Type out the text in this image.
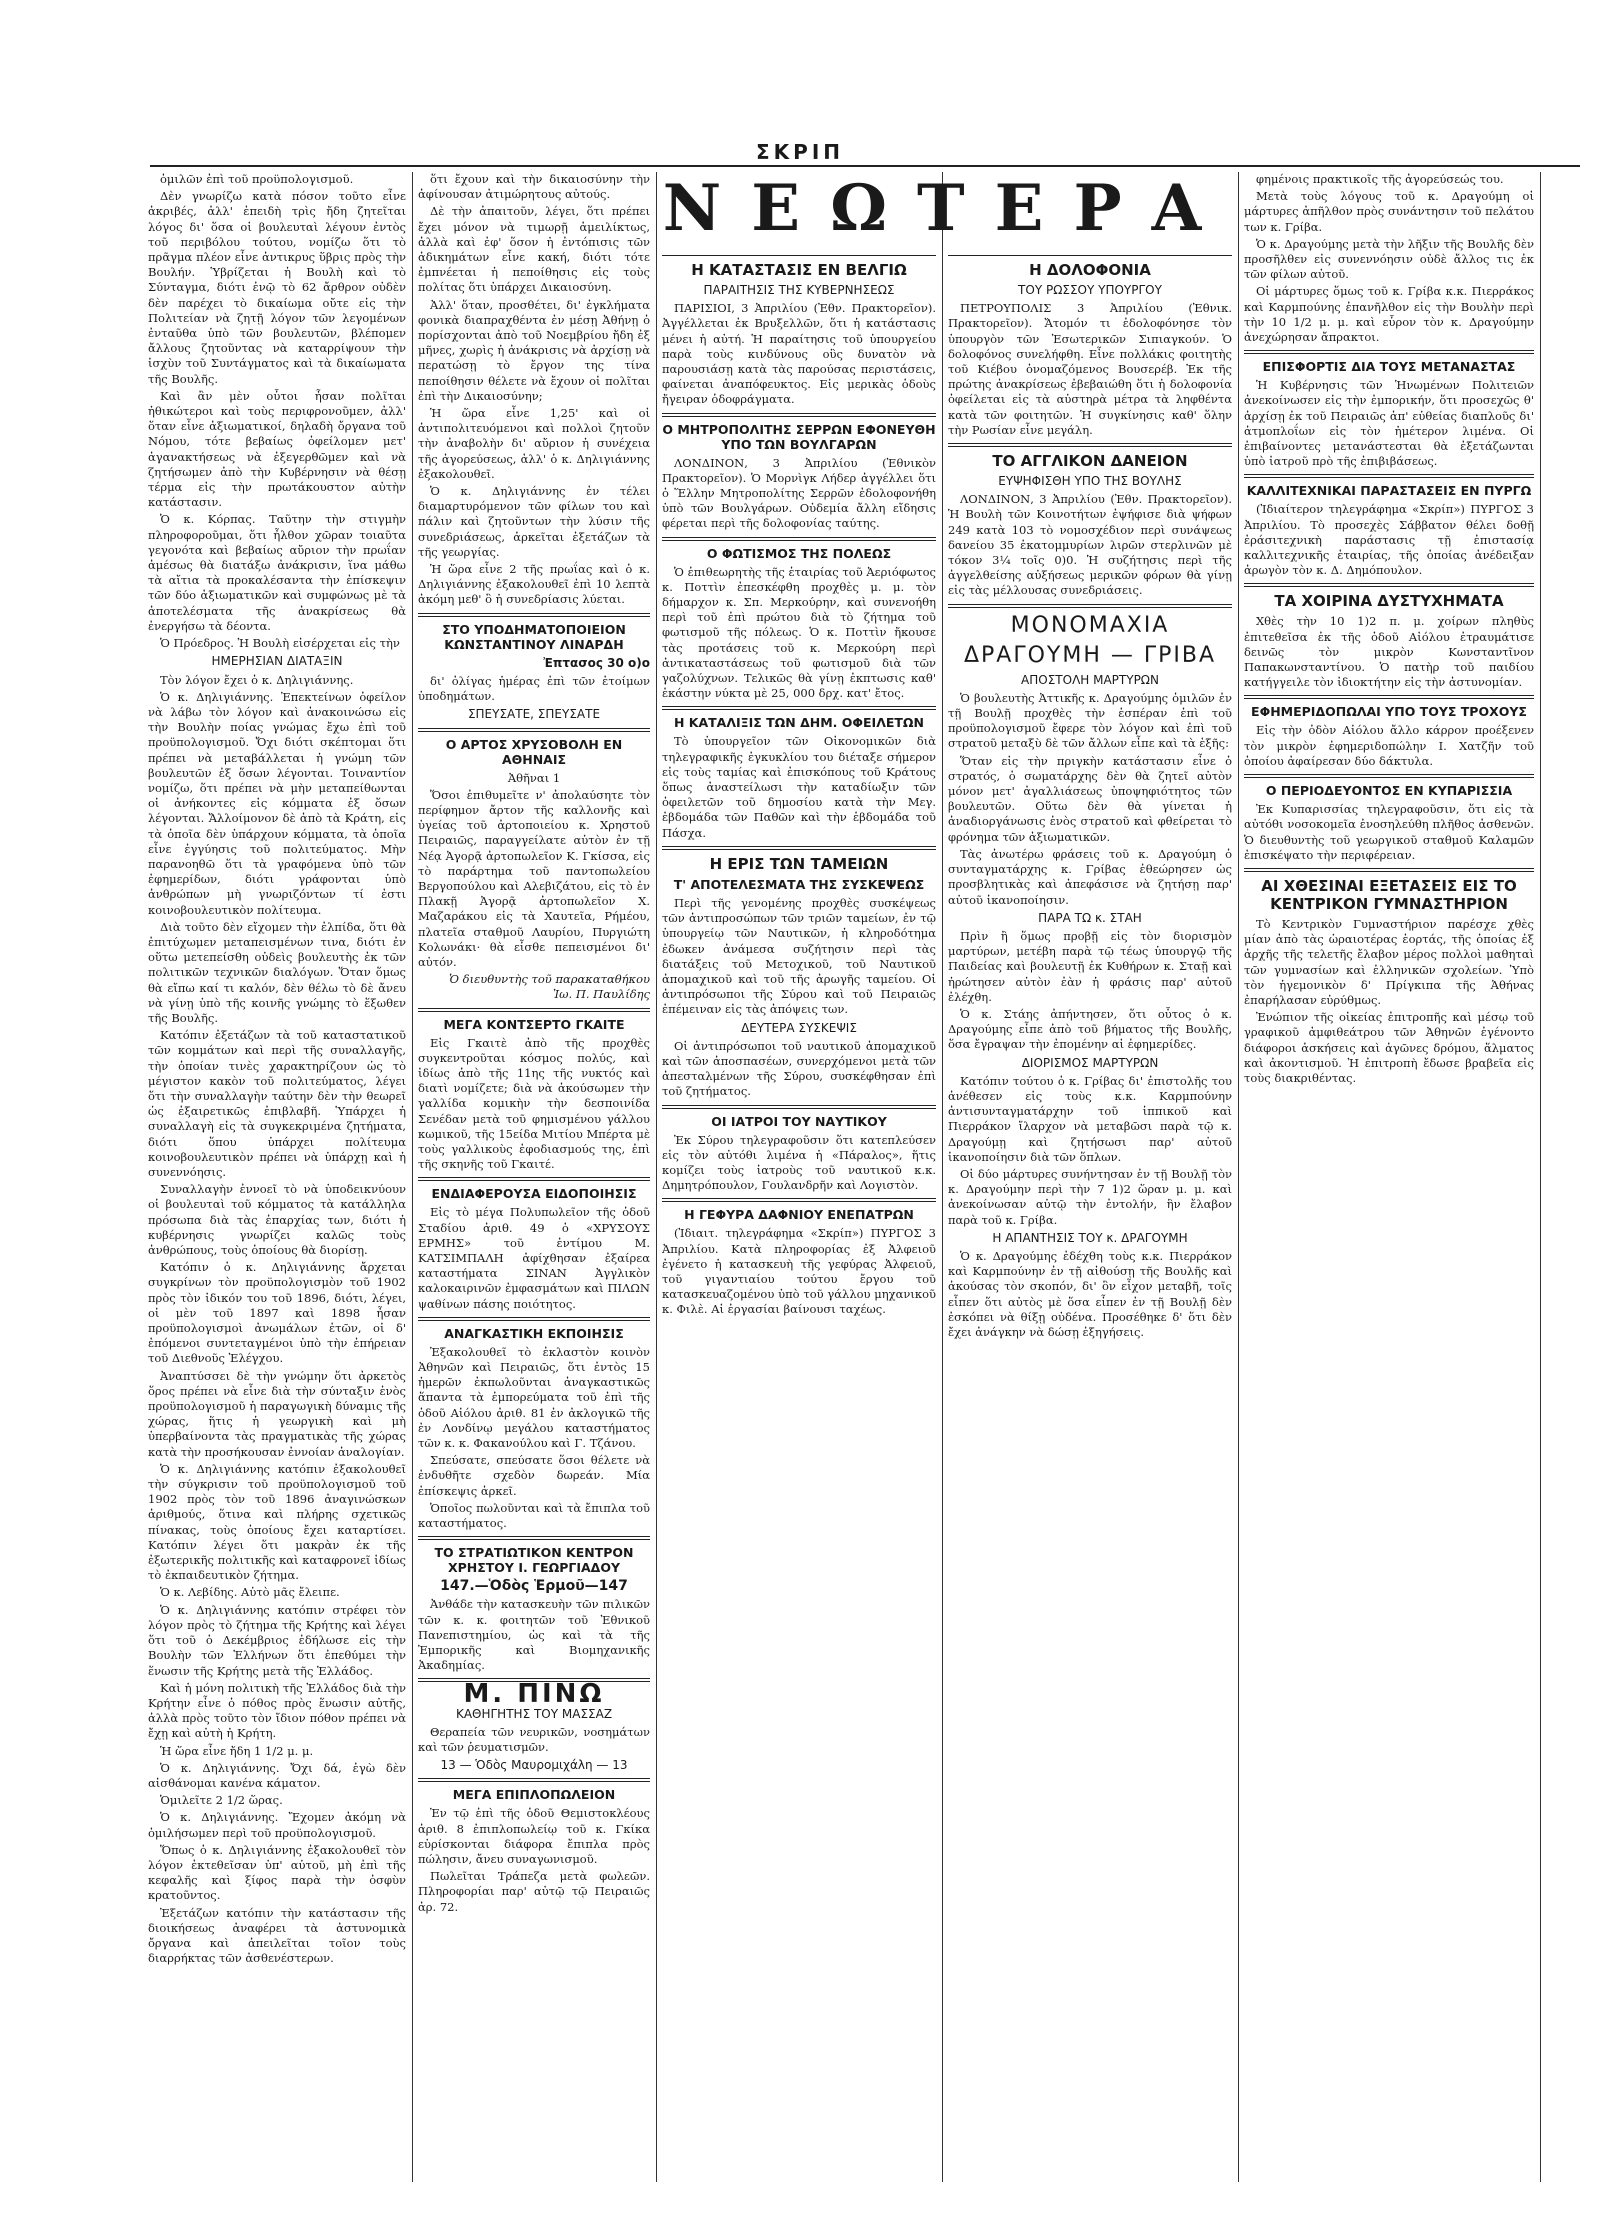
ΣΚΡΙΠ

ὁμιλῶν ἐπὶ τοῦ προϋπολογισμοῦ.

Δὲν γνωρίζω κατὰ πόσον τοῦτο εἶνε ἀκριβές, ἀλλ' ἐπειδὴ τρὶς ἤδη ζητεῖται λόγος δι' ὅσα οἱ βουλευταὶ λέγουν ἐντὸς τοῦ περιβόλου τούτου, νομίζω ὅτι τὸ πρᾶγμα πλέον εἶνε ἀντικρυς ὕβρις πρὸς τὴν Βουλήν. Ὑβρίζεται ἡ Βουλὴ καὶ τὸ Σύνταγμα, διότι ἐνῷ τὸ 62 ἄρθρον οὐδὲν δὲν παρέχει τὸ δικαίωμα οὔτε εἰς τὴν Πολιτείαν νὰ ζητῇ λόγον τῶν λεγομένων ἐνταῦθα ὑπὸ τῶν βουλευτῶν, βλέπομεν ἄλλους ζητοῦντας νὰ καταρρίψουν τὴν ἰσχὺν τοῦ Συντάγματος καὶ τὰ δικαίωματα τῆς Βουλῆς.

Καὶ ἂν μὲν οὗτοι ἦσαν πολῖται ἠθικώτεροι καὶ τοὺς περιφρονοῦμεν, ἀλλ' ὅταν εἶνε ἀξιωματικοί, δηλαδὴ ὄργανα τοῦ Νόμου, τότε βεβαίως ὀφείλομεν μετ' ἀγανακτήσεως νὰ ἐξεγερθῶμεν καὶ νὰ ζητήσωμεν ἀπὸ τὴν Κυβέρνησιν νὰ θέσῃ τέρμα εἰς τὴν πρωτάκουστον αὐτὴν κατάστασιν.

Ὁ κ. Κόρπας. Ταῦτην τὴν στιγμὴν πληροφοροῦμαι, ὅτι ἦλθον χῶραν τοιαῦτα γεγονότα καὶ βεβαίως αὔριον τὴν πρωΐαν ἀμέσως θὰ διατάξω ἀνάκρισιν, ἵνα μάθω τὰ αἴτια τὰ προκαλέσαντα τὴν ἐπίσκεψιν τῶν δύο ἀξιωματικῶν καὶ συμφώνως μὲ τὰ ἀποτελέσματα τῆς ἀνακρίσεως θὰ ἐνεργήσω τὰ δέοντα.

Ὁ Πρόεδρος. Ἡ Βουλὴ εἰσέρχεται εἰς τὴν

ΗΜΕΡΗΣΙΑΝ ΔΙΑΤΑΞΙΝ

Τὸν λόγον ἔχει ὁ κ. Δηλιγιάννης.

Ὁ κ. Δηλιγιάννης. Ἐπεκτείνων ὀφείλον νὰ λάβω τὸν λόγον καὶ ἀνακοινώσω εἰς τὴν Βουλὴν ποίας γνώμας ἔχω ἐπὶ τοῦ προϋπολογισμοῦ. Ὄχι διότι σκέπτομαι ὅτι πρέπει νὰ μεταβάλλεται ἡ γνώμη τῶν βουλευτῶν ἐξ ὅσων λέγονται. Τοιναντίον νομίζω, ὅτι πρέπει νὰ μὴν μεταπείθωνται οἱ ἀνήκοντες εἰς κόμματα ἐξ ὅσων λέγονται. Ἄλλοίμονον δὲ ἀπὸ τὰ Κράτη, εἰς τὰ ὁποῖα δὲν ὑπάρχουν κόμματα, τὰ ὁποῖα εἶνε ἐγγύησις τοῦ πολιτεύματος. Μὴν παρανοηθῶ ὅτι τὰ γραφόμενα ὑπὸ τῶν ἐφημερίδων, διότι γράφονται ὑπὸ ἀνθρώπων μὴ γνωριζόντων τί ἐστι κοινοβουλευτικὸν πολίτευμα.

Διὰ τοῦτο δὲν εἴχομεν τὴν ἐλπίδα, ὅτι θὰ ἐπιτύχωμεν μεταπεισμένων τινα, διότι ἐν οὕτω μετεπείσθη οὐδεὶς βουλευτὴς ἐκ τῶν πολιτικῶν τεχνικῶν διαλόγων. Ὅταν ὅμως θὰ εἴπω καί τι καλόν, δὲν θέλω τὸ δὲ ἄνευ νὰ γίνῃ ὑπὸ τῆς κοινῆς γνώμης τὸ ἕξωθεν τῆς Βουλῆς.

Κατόπιν ἐξετάζων τὰ τοῦ καταστατικοῦ τῶν κομμάτων καὶ περὶ τῆς συναλλαγῆς, τὴν ὁποίαν τινὲς χαρακτηρίζουν ὡς τὸ μέγιστον κακὸν τοῦ πολιτεύματος, λέγει ὅτι τὴν συναλλαγὴν ταύτην δὲν τὴν θεωρεῖ ὡς ἐξαιρετικῶς ἐπιβλαβῆ. Ὑπάρχει ἡ συναλλαγὴ εἰς τὰ συγκεκριμένα ζητήματα, διότι ὅπου ὑπάρχει πολίτευμα κοινοβουλευτικὸν πρέπει νὰ ὑπάρχῃ καὶ ἡ συνεννόησις.

Συναλλαγὴν ἐννοεῖ τὸ νὰ ὑποδεικνύουν οἱ βουλευταὶ τοῦ κόμματος τὰ κατάλληλα πρόσωπα διὰ τὰς ἐπαρχίας των, διότι ἡ κυβέρνησις γνωρίζει καλῶς τοὺς ἀνθρώπους, τοὺς ὁποίους θὰ διορίσῃ.

Κατόπιν ὁ κ. Δηλιγιάννης ἄρχεται συγκρίνων τὸν προϋπολογισμὸν τοῦ 1902 πρὸς τὸν ἰδικόν του τοῦ 1896, διότι, λέγει, οἱ μὲν τοῦ 1897 καὶ 1898 ἦσαν προϋπολογισμοὶ ἀνωμάλων ἐτῶν, οἱ δ' ἐπόμενοι συντεταγμένοι ὑπὸ τὴν ἐπήρειαν τοῦ Διεθνοῦς Ἐλέγχου.

Ἀναπτύσσει δὲ τὴν γνώμην ὅτι ἀρκετὸς ὅρος πρέπει νὰ εἶνε διὰ τὴν σύνταξιν ἑνὸς προϋπολογισμοῦ ἡ παραγωγικὴ δύναμις τῆς χώρας, ἥτις ἡ γεωργικὴ καὶ μὴ ὑπερβαίνοντα τὰς πραγματικὰς τῆς χώρας κατὰ τὴν προσήκουσαν ἐννοίαν ἀναλογίαν.

Ὁ κ. Δηλιγιάννης κατόπιν ἐξακολουθεῖ τὴν σύγκρισιν τοῦ προϋπολογισμοῦ τοῦ 1902 πρὸς τὸν τοῦ 1896 ἀναγινώσκων ἀριθμούς, ὅτινα καὶ πλήρης σχετικῶς πίνακας, τοὺς ὁποίους ἔχει καταρτίσει. Κατόπιν λέγει ὅτι μακρὰν ἐκ τῆς ἐξωτερικῆς πολιτικῆς καὶ καταφρονεῖ ἰδίως τὸ ἐκπαιδευτικὸν ζήτημα.

Ὁ κ. Λεβίδης. Αὐτὸ μᾶς ἔλειπε.

Ὁ κ. Δηλιγιάννης κατόπιν στρέφει τὸν λόγον πρὸς τὸ ζήτημα τῆς Κρήτης καὶ λέγει ὅτι τοῦ ὁ Δεκέμβριος ἐδήλωσε εἰς τὴν Βουλὴν τῶν Ἑλλήνων ὅτι ἐπεθύμει τὴν ἕνωσιν τῆς Κρήτης μετὰ τῆς Ἑλλάδος.

Καὶ ἡ μόνη πολιτικὴ τῆς Ἑλλάδος διὰ τὴν Κρήτην εἶνε ὁ πόθος πρὸς ἕνωσιν αὐτῆς, ἀλλὰ πρὸς τοῦτο τὸν ἴδιον πόθον πρέπει νὰ ἔχῃ καὶ αὐτὴ ἡ Κρήτη.

Ἡ ὥρα εἶνε ἤδη 1 1/2 μ. μ.

Ὁ κ. Δηλιγιάννης. Ὄχι δά, ἐγὼ δὲν αἰσθάνομαι κανένα κάματον.

Ὁμιλεῖτε 2 1/2 ὥρας.

Ὁ κ. Δηλιγιάννης. Ἔχομεν ἀκόμη νὰ ὁμιλήσωμεν περὶ τοῦ προϋπολογισμοῦ.

Ὅπως ὁ κ. Δηλιγιάννης ἐξακολουθεῖ τὸν λόγον ἐκτεθεῖσαν ὑπ' αὐτοῦ, μὴ ἐπὶ τῆς κεφαλῆς καὶ ξίφος παρὰ τὴν ὀσφὺν κρατοῦντος.

Ἐξετάζων κατόπιν τὴν κατάστασιν τῆς διοικήσεως ἀναφέρει τὰ ἀστυνομικὰ ὄργανα καὶ ἀπειλεῖται τοῖον τοὺς διαρρήκτας τῶν ἀσθενέστερων.

ὅτι ἔχουν καὶ τὴν δικαιοσύνην τὴν ἀφίνουσαν ἀτιμώρητους αὐτούς.

Δὲ τὴν ἀπαιτοῦν, λέγει, ὅτι πρέπει ἔχει μόνον νὰ τιμωρῇ ἀμειλίκτως, ἀλλὰ καὶ ἐφ' ὅσον ἡ ἐντόπισις τῶν ἀδικημάτων εἶνε κακή, διότι τότε ἐμπνέεται ἡ πεποίθησις εἰς τοὺς πολίτας ὅτι ὑπάρχει Δικαιοσύνη.

Ἀλλ' ὅταν, προσθέτει, δι' ἐγκλήματα φονικὰ διαπραχθέντα ἐν μέσῃ Ἀθήνῃ ὁ πορίσχονται ἀπὸ τοῦ Νοεμβρίου ἤδη ἐξ μῆνες, χωρὶς ἡ ἀνάκρισις νὰ ἀρχίσῃ νὰ περατώσῃ τὸ ἔργον της τίνα πεποίθησιν θέλετε νὰ ἔχουν οἱ πολῖται ἐπὶ τὴν Δικαιοσύνην;

Ἡ ὥρα εἶνε 1,25' καὶ οἱ ἀντιπολιτευόμενοι καὶ πολλοὶ ζητοῦν τὴν ἀναβολὴν δι' αὔριον ἡ συνέχεια τῆς ἀγορεύσεως, ἀλλ' ὁ κ. Δηλιγιάννης ἐξακολουθεῖ.

Ὁ κ. Δηλιγιάννης ἐν τέλει διαμαρτυρόμενον τῶν φίλων του καὶ πάλιν καὶ ζητοῦντων τὴν λύσιν τῆς συνεδριάσεως, ἀρκεῖται ἐξετάζων τὰ τῆς γεωργίας.

Ἡ ὥρα εἶνε 2 τῆς πρωΐας καὶ ὁ κ. Δηλιγιάννης ἐξακολουθεῖ ἐπὶ 10 λεπτὰ ἀκόμη μεθ' ὃ ἡ συνεδρίασις λύεται.

ΣΤΟ ΥΠΟΔΗΜΑΤΟΠΟΙΕΙΟΝ ΚΩΝΣΤΑΝΤΙΝΟΥ ΛΙΝΑΡΔΗ
Ἐπτασος 30 ο)ο

δι' ὀλίγας ἡμέρας ἐπὶ τῶν ἑτοίμων ὑποδημάτων.

ΣΠΕΥΣΑΤΕ, ΣΠΕΥΣΑΤΕ
Ο ΑΡΤΟΣ ΧΡΥΣΟΒΟΛΗ ΕΝ ΑΘΗΝΑΙΣ

Ἀθῆναι 1

Ὅσοι ἐπιθυμεῖτε ν' ἀπολαύσητε τὸν περίφημον ἄρτον τῆς καλλονῆς καὶ ὑγείας τοῦ ἀρτοποιείου κ. Χρηστοῦ Πειραιῶς, παραγγείλατε αὐτὸν ἐν τῇ Νέᾳ Ἀγορᾷ ἀρτοπωλεῖον Κ. Γκίσσα, εἰς τὸ παράρτημα τοῦ παντοπωλείου Βεργοπούλου καὶ Αλεβιζάτου, εἰς τὸ ἐν Πλακῇ Ἀγορᾷ ἀρτοπωλεῖον Χ. Μαζαράκου εἰς τὰ Χαυτεῖα, Ρήμέου, πλατεῖα σταθμοῦ Λαυρίου, Πυργιώτη Κολωνάκι· θὰ εἶσθε πεπεισμένοι δι' αὐτόν.

Ὁ διευθυντὴς τοῦ παρακαταθήκου Ἰω. Π. Παυλίδης

ΜΕΓΑ ΚΟΝΤΣΕΡΤΟ ΓΚΑΙΤΕ

Εἰς Γκαιτὲ ἀπὸ τῆς προχθὲς συγκεντροῦται κόσμος πολύς, καὶ ἰδίως ἀπὸ τῆς 11ης τῆς νυκτός καὶ διατὶ νομίζετε; διὰ νὰ ἀκούσωμεν τὴν γαλλίδα κομικὴν τὴν δεσποινίδα Σενέδαν μετὰ τοῦ φημισμένου γάλλου κωμικοῦ, τῆς 15είδα Μιτίου Μπέρτα μὲ τοὺς γαλλικοὺς ἐφοδιασμούς της, ἐπὶ τῆς σκηνῆς τοῦ Γκαιτέ.

ΕΝΔΙΑΦΕΡΟΥΣΑ ΕΙΔΟΠΟΙΗΣΙΣ

Εἰς τὸ μέγα Πολυπωλεῖον τῆς ὁδοῦ Σταδίου ἀριθ. 49 ὁ «ΧΡΥΣΟΥΣ ΕΡΜΗΣ» τοῦ ἐντίμου Μ. ΚΑΤΣΙΜΠΑΛΗ ἀφίχθησαν ἐξαίρεα καταστήματα ΣΙΝΑΝ Ἀγγλικὸν καλοκαιρινῶν ἐμφασμάτων καὶ ΠΙΛΩΝ ψαθίνων πάσης ποιότητος.

ΑΝΑΓΚΑΣΤΙΚΗ ΕΚΠΟΙΗΣΙΣ

Ἐξακολουθεῖ τὸ ἐκλαστὸν κοινὸν Ἀθηνῶν καὶ Πειραιῶς, ὅτι ἐντὸς 15 ἡμερῶν ἐκπωλοῦνται ἀναγκαστικῶς ἅπαντα τὰ ἐμπορεύματα τοῦ ἐπὶ τῆς ὁδοῦ Αἰόλου ἀριθ. 81 ἐν ἀκλογικῶ τῆς ἐν Λονδίνῳ μεγάλου καταστήματος τῶν κ. κ. Φακανούλου καὶ Γ. Τζάνου.

Σπεύσατε, σπεύσατε ὅσοι θέλετε νὰ ἐνδυθῆτε σχεδὸν δωρεάν. Μία ἐπίσκεψις ἀρκεῖ.

Ὁποῖος πωλοῦνται καὶ τὰ ἔπιπλα τοῦ καταστήματος.

ΤΟ ΣΤΡΑΤΙΩΤΙΚΟΝ ΚΕΝΤΡΟΝ ΧΡΗΣΤΟΥ Ι. ΓΕΩΡΓΙΑΔΟΥ
147.—Ὁδὸς Ἑρμοῦ—147

Ἀνθάδε τὴν κατασκευὴν τῶν πιλικῶν τῶν κ. κ. φοιτητῶν τοῦ Ἐθνικοῦ Πανεπιστημίου, ὡς καὶ τὰ τῆς Ἐμπορικῆς καὶ Βιομηχανικῆς Ἀκαδημίας.

Μ. ΠΙΝΩ
ΚΑΘΗΓΗΤΗΣ ΤΟΥ ΜΑΣΣΑΖ

Θεραπεία τῶν νευρικῶν, νοσημάτων καὶ τῶν ῥευματισμῶν.

13 — Ὁδὸς Μαυρομιχάλη — 13
ΜΕΓΑ ΕΠΙΠΛΟΠΩΛΕΙΟΝ

Ἐν τῷ ἐπὶ τῆς ὁδοῦ Θεμιστοκλέους ἀριθ. 8 ἐπιπλοπωλείῳ τοῦ κ. Γκίκα εὑρίσκονται διάφορα ἔπιπλα πρὸς πώλησιν, ἄνευ συναγωνισμοῦ.

Πωλεῖται Τράπεζα μετὰ φωλεῶν. Πληροφορίαι παρ' αὐτῷ τῷ Πειραιῶς ἀρ. 72.

ΝΕΩΤΕΡΑ
Η ΚΑΤΑΣΤΑΣΙΣ ΕΝ ΒΕΛΓΙΩ
ΠΑΡΑΙΤΗΣΙΣ ΤΗΣ ΚΥΒΕΡΝΗΣΕΩΣ

ΠΑΡΙΣΙΟΙ, 3 Ἀπριλίου (Ἐθν. Πρακτορεῖον). Ἀγγέλλεται ἐκ Βρυξελλῶν, ὅτι ἡ κατάστασις μένει ἡ αὐτή. Ἡ παραίτησις τοῦ ὑπουργείου παρὰ τοὺς κινδύνους οὓς δυνατὸν νὰ παρουσιάσῃ κατὰ τὰς παρούσας περιστάσεις, φαίνεται ἀναπόφευκτος. Εἰς μερικὰς ὁδοὺς ἤγειραν ὁδοφράγματα.

Ο ΜΗΤΡΟΠΟΛΙΤΗΣ ΣΕΡΡΩΝ ΕΦΟΝΕΥΘΗ ΥΠΟ ΤΩΝ ΒΟΥΛΓΑΡΩΝ

ΛΟΝΔΙΝΟΝ, 3 Ἀπριλίου (Ἐθνικὸν Πρακτορεῖον). Ὁ Μορνὶγκ Λήδερ ἀγγέλλει ὅτι ὁ Ἕλλην Μητροπολίτης Σερρῶν ἐδολοφονήθη ὑπὸ τῶν Βουλγάρων. Οὐδεμία ἄλλη εἴδησις φέρεται περὶ τῆς δολοφονίας ταύτης.

Ο ΦΩΤΙΣΜΟΣ ΤΗΣ ΠΟΛΕΩΣ

Ὁ ἐπιθεωρητὴς τῆς ἑταιρίας τοῦ Ἀεριόφωτος κ. Ποττὶν ἐπεσκέφθη προχθὲς μ. μ. τὸν δήμαρχον κ. Σπ. Μερκούρην, καὶ συνενοήθη περὶ τοῦ ἐπὶ πρώτου διὰ τὸ ζήτημα τοῦ φωτισμοῦ τῆς πόλεως. Ὁ κ. Ποττὶν ἤκουσε τὰς προτάσεις τοῦ κ. Μερκούρη περὶ ἀντικαταστάσεως τοῦ φωτισμοῦ διὰ τῶν γαζολύχνων. Τελικῶς θὰ γίνῃ ἐκπτωσις καθ' ἑκάστην νύκτα μὲ 25, 000 δρχ. κατ' ἔτος.

Η ΚΑΤΑΛΙΞΙΣ ΤΩΝ ΔΗΜ. ΟΦΕΙΛΕΤΩΝ

Τὸ ὑπουργεῖον τῶν Οἰκονομικῶν διὰ τηλεγραφικῆς ἐγκυκλίου του διέταξε σήμερον εἰς τοὺς ταμίας καὶ ἐπισκόπους τοῦ Κράτους ὅπως ἀναστείλωσι τὴν καταδίωξιν τῶν ὀφειλετῶν τοῦ δημοσίου κατὰ τὴν Μεγ. ἑβδομάδα τῶν Παθῶν καὶ τὴν ἑβδομάδα τοῦ Πάσχα.

Η ΕΡΙΣ ΤΩΝ ΤΑΜΕΙΩΝ
Τ' ΑΠΟΤΕΛΕΣΜΑΤΑ ΤΗΣ ΣΥΣΚΕΨΕΩΣ

Περὶ τῆς γενομένης προχθὲς συσκέψεως τῶν ἀντιπροσώπων τῶν τριῶν ταμείων, ἐν τῷ ὑπουργείῳ τῶν Ναυτικῶν, ἡ κληροδότημα ἐδωκεν ἀνάμεσα συζήτησιν περὶ τὰς διατάξεις τοῦ Μετοχικοῦ, τοῦ Ναυτικοῦ ἀπομαχικοῦ καὶ τοῦ τῆς ἀρωγῆς ταμείου. Οἱ ἀντιπρόσωποι τῆς Σύρου καὶ τοῦ Πειραιῶς ἐπέμειναν εἰς τὰς ἀπόψεις των.

ΔΕΥΤΕΡΑ ΣΥΣΚΕΨΙΣ

Οἱ ἀντιπρόσωποι τοῦ ναυτικοῦ ἀπομαχικοῦ καὶ τῶν ἀποσπασέων, συνερχόμενοι μετὰ τῶν ἀπεσταλμένων τῆς Σύρου, συσκέφθησαν ἐπὶ τοῦ ζητήματος.

ΟΙ ΙΑΤΡΟΙ ΤΟΥ ΝΑΥΤΙΚΟΥ

Ἐκ Σύρου τηλεγραφοῦσιν ὅτι κατεπλεύσεν εἰς τὸν αὐτόθι λιμένα ἡ «Πάραλος», ἥτις κομίζει τοὺς ἰατροὺς τοῦ ναυτικοῦ κ.κ. Δημητρόπουλον, Γουλανδρῆν καὶ Λογιστὸν.

Η ΓΕΦΥΡΑ ΔΑΦΝΙΟΥ ΕΝΕΠΑΤΡΩΝ

(Ἰδιαιτ. τηλεγράφημα «Σκρίπ») ΠΥΡΓΟΣ 3 Ἀπριλίου. Κατὰ πληροφορίας ἐξ Ἀλφειοῦ ἐγένετο ἡ κατασκευὴ τῆς γεφύρας Ἀλφειοῦ, τοῦ γιγαντιαίου τούτου ἔργου τοῦ κατασκευαζομένου ὑπὸ τοῦ γάλλου μηχανικοῦ κ. Φιλὲ. Αἱ ἐργασίαι βαίνουσι ταχέως.

Η ΔΟΛΟΦΟΝΙΑ
ΤΟΥ ΡΩΣΣΟΥ ΥΠΟΥΡΓΟΥ

ΠΕΤΡΟΥΠΟΛΙΣ 3 Ἀπριλίου (Ἐθνικ. Πρακτορεῖον). Ἄτομόν τι ἐδολοφόνησε τὸν ὑπουργὸν τῶν Ἐσωτερικῶν Σιπιαγκούν. Ὁ δολοφόνος συνελήφθη. Εἶνε πολλάκις φοιτητὴς τοῦ Κιέβου ὀνομαζόμενος Βουσερέβ. Ἐκ τῆς πρώτης ἀνακρίσεως ἐβεβαιώθη ὅτι ἡ δολοφονία ὀφείλεται εἰς τὰ αὐστηρὰ μέτρα τὰ ληφθέντα κατὰ τῶν φοιτητῶν. Ἡ συγκίνησις καθ' ὅλην τὴν Ρωσίαν εἶνε μεγάλη.

ΤΟ ΑΓΓΛΙΚΟΝ ΔΑΝΕΙΟΝ
ΕΥΨΗΦΙΣΘΗ ΥΠΟ ΤΗΣ ΒΟΥΛΗΣ

ΛΟΝΔΙΝΟΝ, 3 Ἀπριλίου (Ἐθν. Πρακτορεῖον). Ἡ Βουλὴ τῶν Κοινοτήτων ἐψήφισε διὰ ψήφων 249 κατὰ 103 τὸ νομοσχέδιον περὶ συνάψεως δανείου 35 ἑκατομμυρίων λιρῶν στερλινῶν μὲ τόκον 3¼ τοῖς 0)0. Ἡ συζήτησις περὶ τῆς ἀγγελθείσης αὐξήσεως μερικῶν φόρων θὰ γίνῃ εἰς τὰς μέλλουσας συνεδριάσεις.

ΜΟΝΟΜΑΧΙΑ
ΔΡΑΓΟΥΜΗ — ΓΡΙΒΑ
ΑΠΟΣΤΟΛΗ ΜΑΡΤΥΡΩΝ

Ὁ βουλευτὴς Ἀττικῆς κ. Δραγούμης ὁμιλῶν ἐν τῇ Βουλῇ προχθὲς τὴν ἑσπέραν ἐπὶ τοῦ προϋπολογισμοῦ ἔφερε τὸν λόγον καὶ ἐπὶ τοῦ στρατοῦ μεταξὺ δὲ τῶν ἄλλων εἶπε καὶ τὰ ἑξῆς:

Ὅταν εἰς τὴν πριγκὴν κατάστασιν εἶνε ὁ στρατός, ὁ σωματάρχης δὲν θὰ ζητεῖ αὐτὸν μόνον μετ' ἀγαλλιάσεως ὑποψηφιότητος τῶν βουλευτῶν. Οὕτω δὲν θὰ γίνεται ἡ ἀναδιοργάνωσις ἑνὸς στρατοῦ καὶ φθείρεται τὸ φρόνημα τῶν ἀξιωματικῶν.

Τὰς ἀνωτέρω φράσεις τοῦ κ. Δραγούμη ὁ συνταγματάρχης κ. Γρίβας ἐθεώρησεν ὡς προσβλητικὰς καὶ ἀπεφάσισε νὰ ζητήσῃ παρ' αὐτοῦ ἱκανοποίησιν.

ΠΑΡΑ ΤΩ κ. ΣΤΑΗ

Πρὶν ἢ ὅμως προβῇ εἰς τὸν διορισμὸν μαρτύρων, μετέβη παρὰ τῷ τέως ὑπουργῷ τῆς Παιδείας καὶ βουλευτῇ ἐκ Κυθήρων κ. Σταῇ καὶ ἠρώτησεν αὐτὸν ἐὰν ἡ φράσις παρ' αὐτοῦ ἐλέχθη.

Ὁ κ. Στάης ἀπήντησεν, ὅτι οὗτος ὁ κ. Δραγούμης εἶπε ἀπὸ τοῦ βήματος τῆς Βουλῆς, ὅσα ἔγραψαν τὴν ἐπομένην αἱ ἐφημερίδες.

ΔΙΟΡΙΣΜΟΣ ΜΑΡΤΥΡΩΝ

Κατόπιν τούτου ὁ κ. Γρίβας δι' ἐπιστολῆς του ἀνέθεσεν εἰς τοὺς κ.κ. Καρμπούνην ἀντισυνταγματάρχην τοῦ ἱππικοῦ καὶ Πιερράκον ἴλαρχον νὰ μεταβῶσι παρὰ τῷ κ. Δραγούμῃ καὶ ζητήσωσι παρ' αὐτοῦ ἱκανοποίησιν διὰ τῶν ὅπλων.

Οἱ δύο μάρτυρες συνήντησαν ἐν τῇ Βουλῇ τὸν κ. Δραγούμην περὶ τὴν 7 1)2 ὥραν μ. μ. καὶ ἀνεκοίνωσαν αὐτῷ τὴν ἐντολήν, ἣν ἔλαβον παρὰ τοῦ κ. Γρίβα.

Η ΑΠΑΝΤΗΣΙΣ ΤΟΥ κ. ΔΡΑΓΟΥΜΗ

Ὁ κ. Δραγούμης ἐδέχθη τοὺς κ.κ. Πιερράκον καὶ Καρμπούνην ἐν τῇ αἰθούσῃ τῆς Βουλῆς καὶ ἀκούσας τὸν σκοπόν, δι' ὃν εἶχον μεταβῆ, τοῖς εἶπεν ὅτι αὐτὸς μὲ ὅσα εἶπεν ἐν τῇ Βουλῇ δὲν ἐσκόπει νὰ θίξῃ οὐδένα. Προσέθηκε δ' ὅτι δὲν ἔχει ἀνάγκην νὰ δώσῃ ἐξηγήσεις.

φημένοις πρακτικοῖς τῆς ἀγορεύσεώς του.

Μετὰ τοὺς λόγους τοῦ κ. Δραγούμη οἱ μάρτυρες ἀπῆλθον πρὸς συνάντησιν τοῦ πελάτου των κ. Γρίβα.

Ὁ κ. Δραγούμης μετὰ τὴν λῆξιν τῆς Βουλῆς δὲν προσῆλθεν εἰς συνεννόησιν οὐδὲ ἄλλος τις ἐκ τῶν φίλων αὐτοῦ.

Οἱ μάρτυρες ὅμως τοῦ κ. Γρίβα κ.κ. Πιερράκος καὶ Καρμπούνης ἐπανῆλθον εἰς τὴν Βουλὴν περὶ τὴν 10 1/2 μ. μ. καὶ εὗρον τὸν κ. Δραγούμην ἀνεχώρησαν ἄπρακτοι.

ΕΠΙΣΦΟΡΤΙΣ ΔΙΑ ΤΟΥΣ ΜΕΤΑΝΑΣΤΑΣ

Ἡ Κυβέρνησις τῶν Ἡνωμένων Πολιτειῶν ἀνεκοίνωσεν εἰς τὴν ἐμπορικήν, ὅτι προσεχῶς θ' ἀρχίσῃ ἐκ τοῦ Πειραιῶς ἀπ' εὐθείας διαπλοῦς δι' ἀτμοπλοΐων εἰς τὸν ἡμέτερον λιμένα. Οἱ ἐπιβαίνοντες μετανάστεσται θὰ ἐξετάζωνται ὑπὸ ἰατροῦ πρὸ τῆς ἐπιβιβάσεως.

ΚΑΛΛΙΤΕΧΝΙΚΑΙ ΠΑΡΑΣΤΑΣΕΙΣ ΕΝ ΠΥΡΓΩ

(Ἰδιαίτερον τηλεγράφημα «Σκρίπ») ΠΥΡΓΟΣ 3 Ἀπριλίου. Τὸ προσεχὲς Σάββατον θέλει δοθῇ ἐράσιτεχνικὴ παράστασις τῇ ἐπιστασίᾳ καλλιτεχνικῆς ἑταιρίας, τῆς ὁποίας ἀνέδειξαν ἀρωγὸν τὸν κ. Δ. Δημόπουλον.

ΤΑ ΧΟΙΡΙΝΑ ΔΥΣΤΥΧΗΜΑΤΑ

Χθὲς τὴν 10 1)2 π. μ. χοίρων πληθὺς ἐπιτεθεῖσα ἐκ τῆς ὁδοῦ Αἰόλου ἐτραυμάτισε δεινῶς τὸν μικρὸν Κωνσταντῖνον Παπακωνσταντίνου. Ὁ πατὴρ τοῦ παιδίου κατήγγειλε τὸν ἰδιοκτήτην εἰς τὴν ἀστυνομίαν.

ΕΦΗΜΕΡΙΔΟΠΩΛΑΙ ΥΠΟ ΤΟΥΣ ΤΡΟΧΟΥΣ

Εἰς τὴν ὁδὸν Αἰόλου ἄλλο κάρρον προέξενεν τὸν μικρὸν ἐφημεριδοπώλην Ι. Χατζῆν τοῦ ὁποίου ἀφαίρεσαν δύο δάκτυλα.

Ο ΠΕΡΙΟΔΕΥΟΝΤΟΣ ΕΝ ΚΥΠΑΡΙΣΣΙΑ

Ἐκ Κυπαρισσίας τηλεγραφοῦσιν, ὅτι εἰς τὰ αὐτόθι νοσοκομεῖα ἐνοσηλεύθη πλῆθος ἀσθενῶν. Ὁ διευθυντὴς τοῦ γεωργικοῦ σταθμοῦ Καλαμῶν ἐπισκέψατο τὴν περιφέρειαν.

ΑΙ ΧΘΕΣΙΝΑΙ ΕΞΕΤΑΣΕΙΣ ΕΙΣ ΤΟ ΚΕΝΤΡΙΚΟΝ ΓΥΜΝΑΣΤΗΡΙΟΝ

Τὸ Κεντρικὸν Γυμναστήριον παρέσχε χθὲς μίαν ἀπὸ τὰς ὡραιοτέρας ἑορτάς, τῆς ὁποίας ἐξ ἀρχῆς τῆς τελετῆς ἔλαβον μέρος πολλοὶ μαθηταὶ τῶν γυμνασίων καὶ ἑλληνικῶν σχολείων. Ὑπὸ τὸν ἡγεμονικὸν δ' Πρίγκιπα τῆς Ἀθήνας ἐπαρήλασαν εὐρύθμως.

Ἐνώπιον τῆς οἰκείας ἐπιτροπῆς καὶ μέσῳ τοῦ γραφικοῦ ἀμφιθεάτρου τῶν Ἀθηνῶν ἐγένοντο διάφοροι ἀσκήσεις καὶ ἀγῶνες δρόμου, ἅλματος καὶ ἀκοντισμοῦ. Ἡ ἐπιτροπὴ ἔδωσε βραβεῖα εἰς τοὺς διακριθέντας.
